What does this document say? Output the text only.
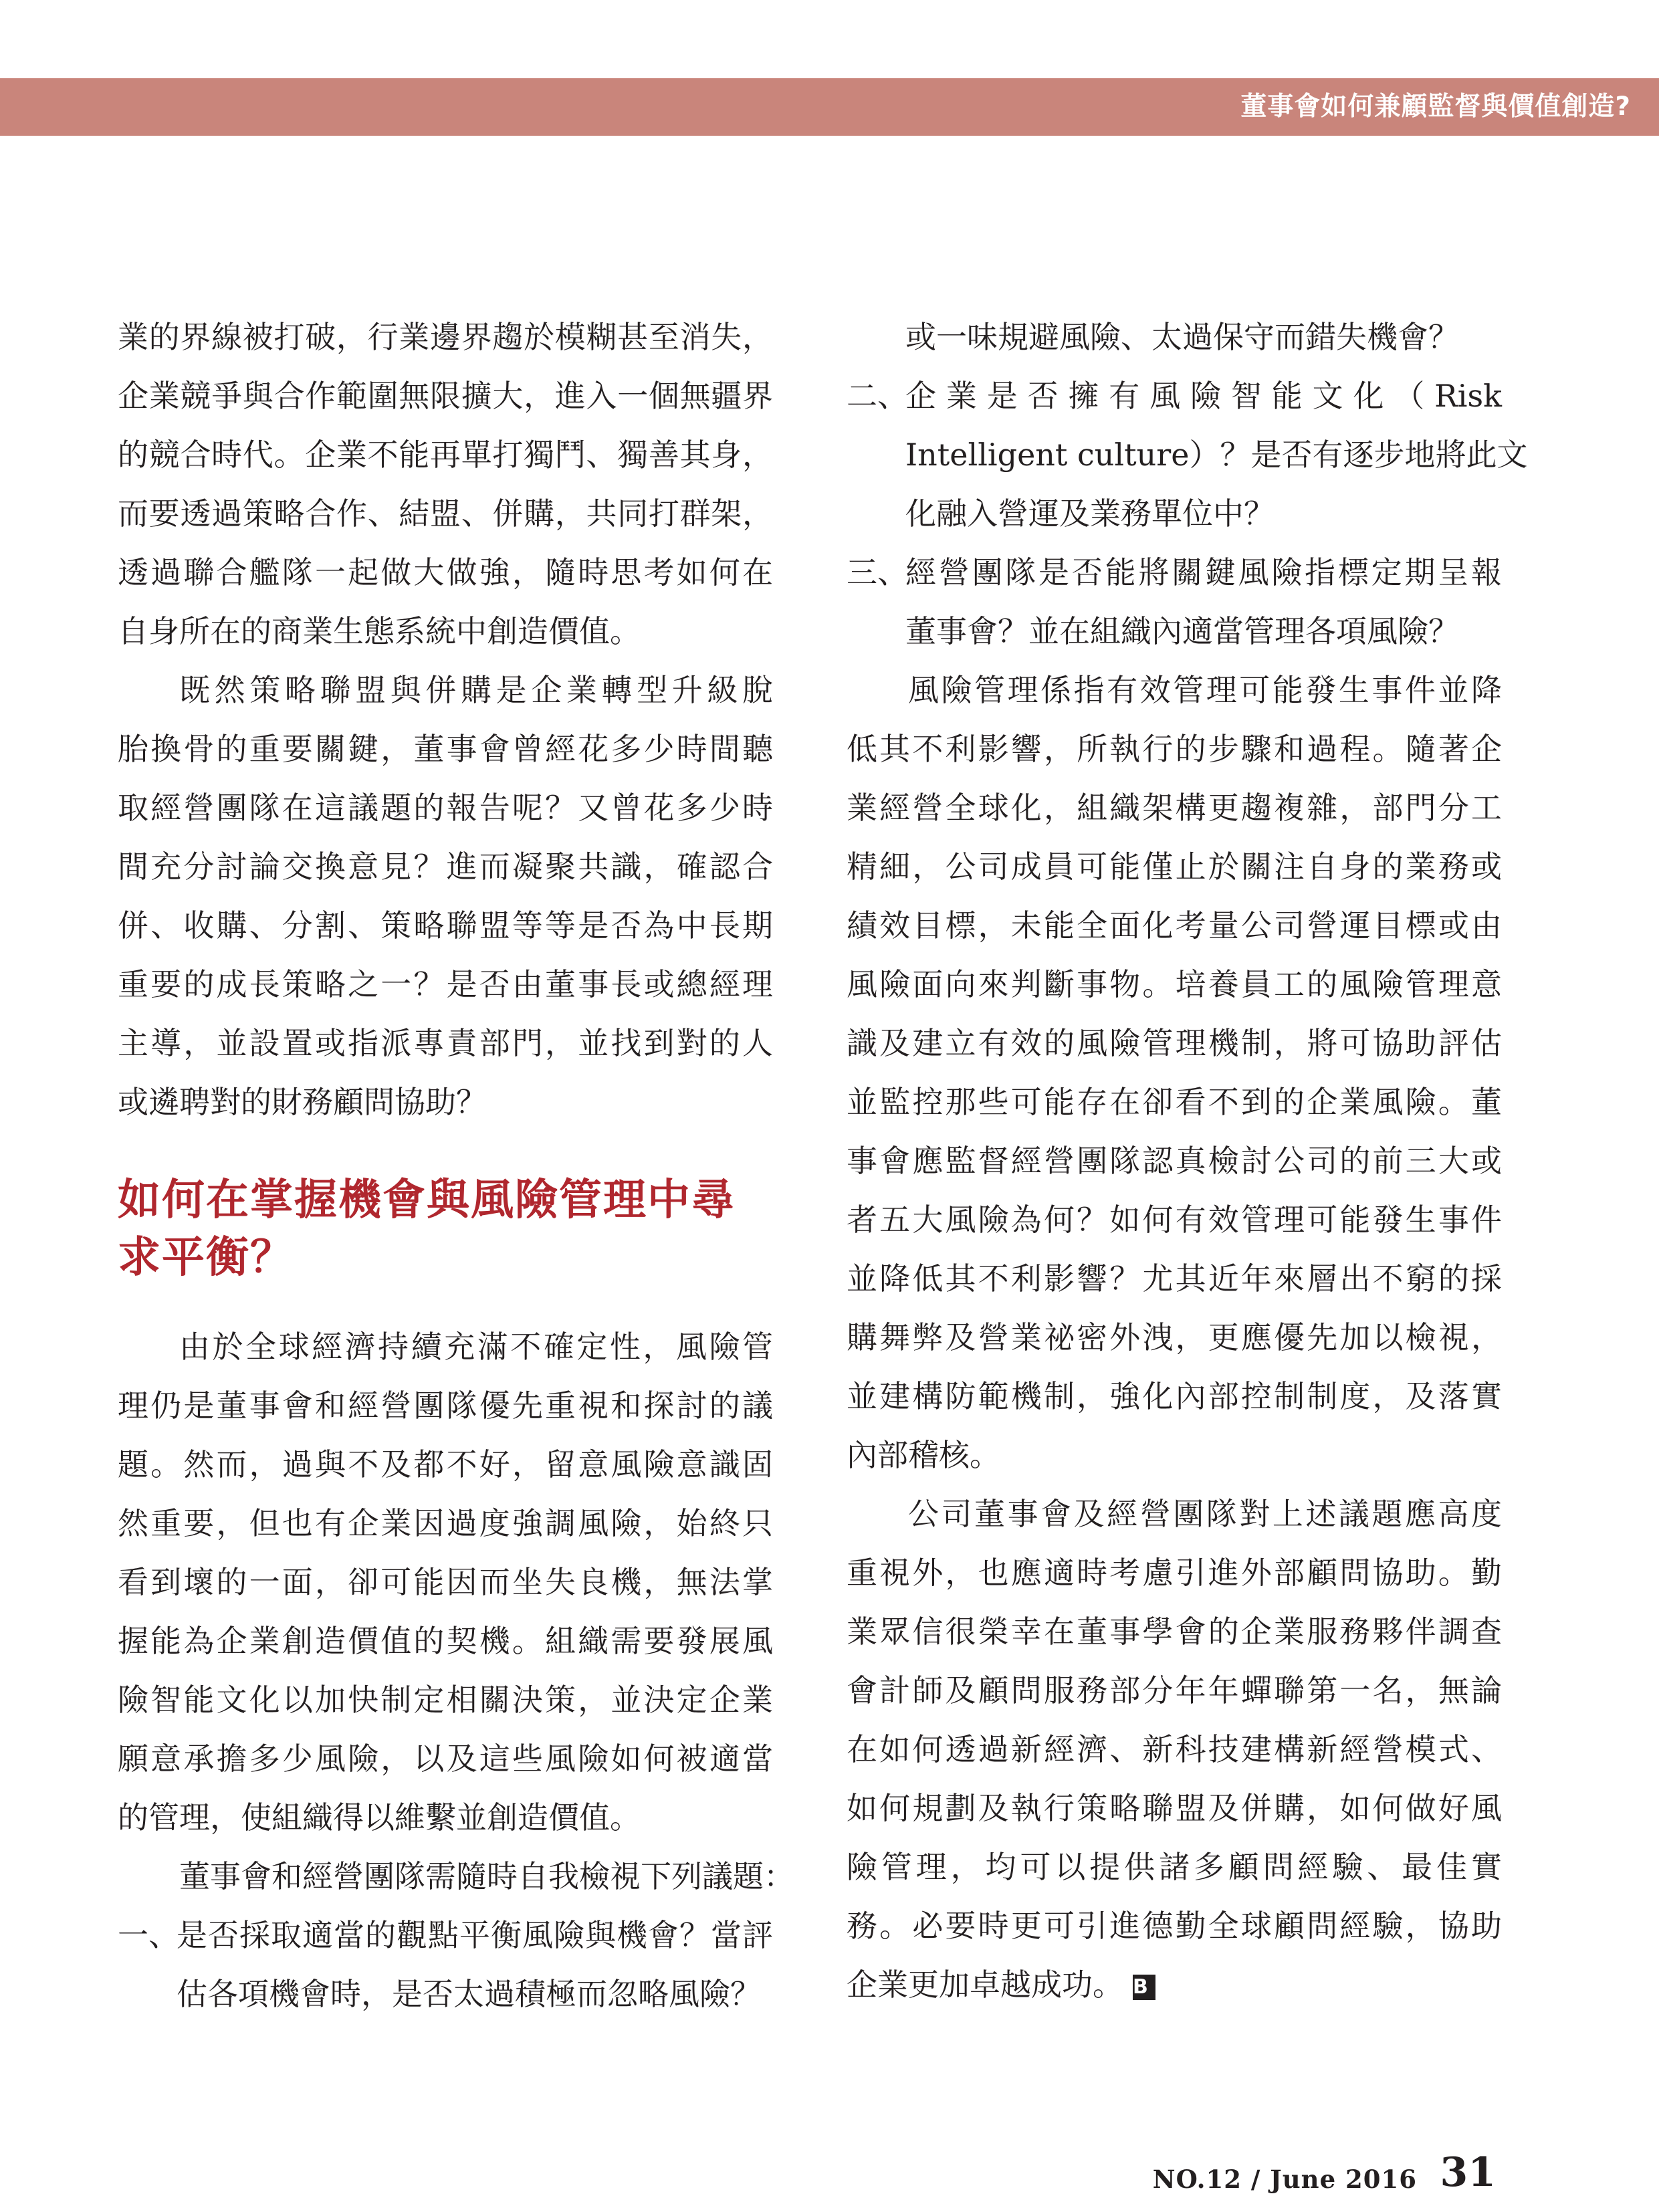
董事會如何兼顧監督與價值創造?

業的界線被打破，行業邊界趨於模糊甚至消失，
企業競爭與合作範圍無限擴大，進入一個無疆界
的競合時代。企業不能再單打獨鬥、獨善其身，
而要透過策略合作、結盟、併購，共同打群架，
透過聯合艦隊一起做大做強，隨時思考如何在
自身所在的商業生態系統中創造價值。

既然策略聯盟與併購是企業轉型升級脫

胎換骨的重要關鍵，董事會曾經花多少時間聽
取經營團隊在這議題的報告呢？又曾花多少時
間充分討論交換意見？進而凝聚共識，確認合
併、收購、分割、策略聯盟等等是否為中長期
重要的成長策略之一？是否由董事長或總經理
主導，並設置或指派專責部門，並找到對的人
或遴聘對的財務顧問協助？

如何在掌握機會與風險管理中尋
求平衡？

由於全球經濟持續充滿不確定性，風險管

理仍是董事會和經營團隊優先重視和探討的議
題。然而，過與不及都不好，留意風險意識固
然重要，但也有企業因過度強調風險，始終只
看到壞的一面，卻可能因而坐失良機，無法掌
握能為企業創造價值的契機。組織需要發展風
險智能文化以加快制定相關決策，並決定企業
願意承擔多少風險，以及這些風險如何被適當
的管理，使組織得以維繫並創造價值。

董事會和經營團隊需隨時自我檢視下列議題：

一、
是否採取適當的觀點平衡風險與機會？當評
估各項機會時，是否太過積極而忽略風險？
或一味規避風險、太過保守而錯失機會？
二、
企業是否擁有風險智能文化（Risk
Intelligent culture）？是否有逐步地將此文
化融入營運及業務單位中？
三、
經營團隊是否能將關鍵風險指標定期呈報
董事會？並在組織內適當管理各項風險？

風險管理係指有效管理可能發生事件並降

低其不利影響，所執行的步驟和過程。隨著企
業經營全球化，組織架構更趨複雜，部門分工
精細，公司成員可能僅止於關注自身的業務或
績效目標，未能全面化考量公司營運目標或由
風險面向來判斷事物。培養員工的風險管理意
識及建立有效的風險管理機制，將可協助評估
並監控那些可能存在卻看不到的企業風險。董
事會應監督經營團隊認真檢討公司的前三大或
者五大風險為何？如何有效管理可能發生事件
並降低其不利影響？尤其近年來層出不窮的採
購舞弊及營業祕密外洩，更應優先加以檢視，
並建構防範機制，強化內部控制制度，及落實
內部稽核。

公司董事會及經營團隊對上述議題應高度

重視外，也應適時考慮引進外部顧問協助。勤
業眾信很榮幸在董事學會的企業服務夥伴調查
會計師及顧問服務部分年年蟬聯第一名，無論
在如何透過新經濟、新科技建構新經營模式、
如何規劃及執行策略聯盟及併購，如何做好風
險管理，均可以提供諸多顧問經驗、最佳實
務。必要時更可引進德勤全球顧問經驗，協助
企業更加卓越成功。 B

NO.12 / June 2016 31
